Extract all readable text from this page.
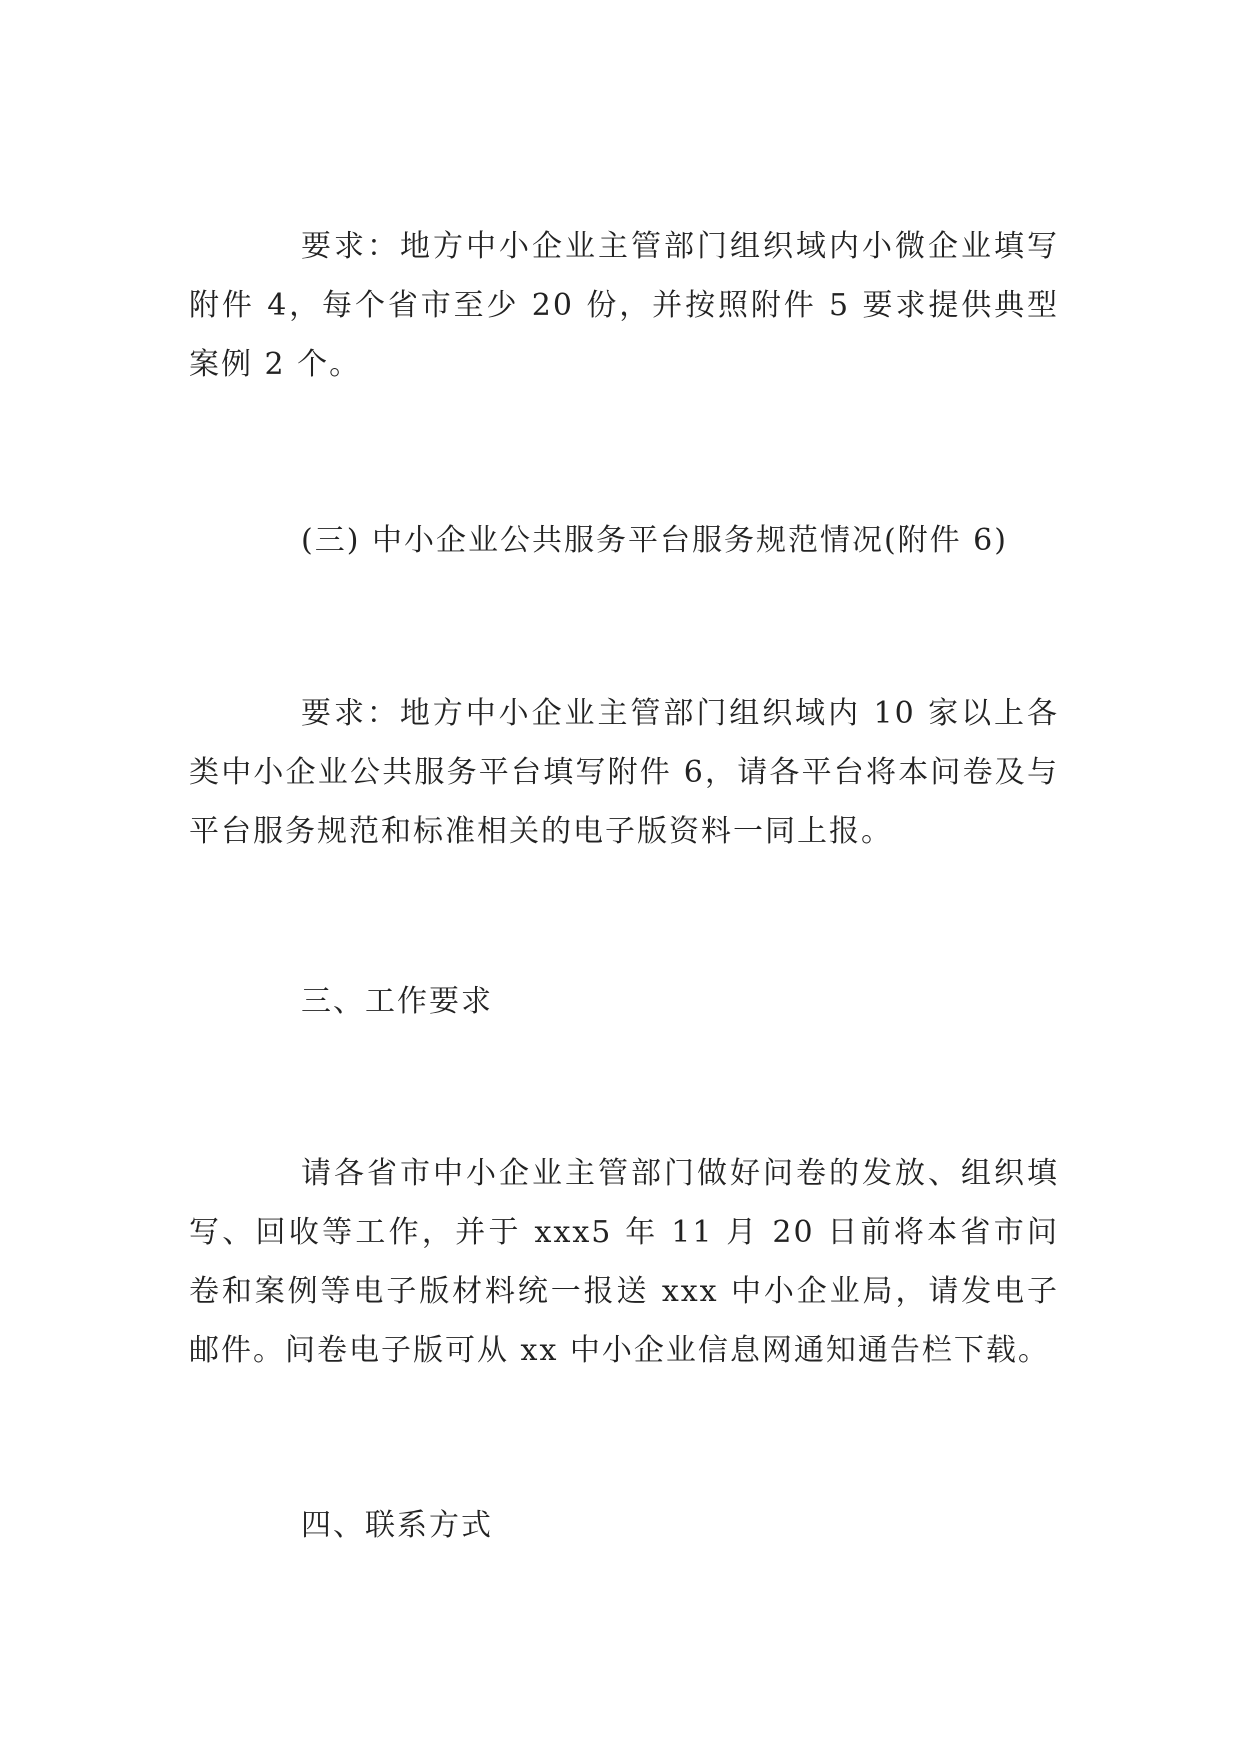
要求：地方中小企业主管部门组织域内小微企业填写附件 4，每个省市至少 20 份，并按照附件 5 要求提供典型案例 2 个。

(三) 中小企业公共服务平台服务规范情况(附件 6)

要求：地方中小企业主管部门组织域内 10 家以上各类中小企业公共服务平台填写附件 6，请各平台将本问卷及与平台服务规范和标准相关的电子版资料一同上报。

三、工作要求

请各省市中小企业主管部门做好问卷的发放、组织填写、回收等工作，并于 xxx5 年 11 月 20 日前将本省市问卷和案例等电子版材料统一报送 xxx 中小企业局，请发电子邮件。问卷电子版可从 xx 中小企业信息网通知通告栏下载。

四、联系方式
